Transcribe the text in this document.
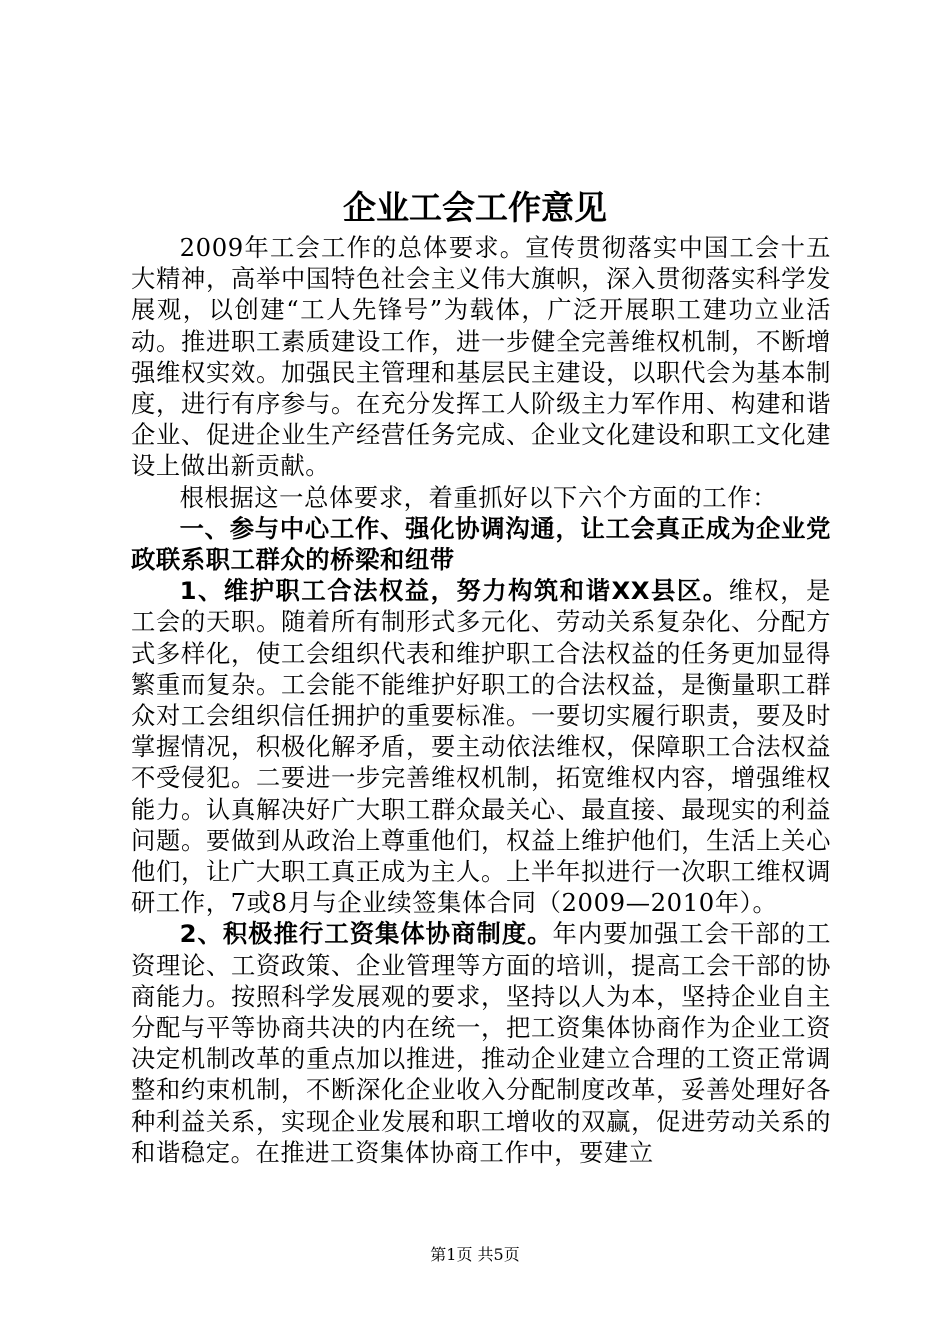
企业工会工作意见

2009年工会工作的总体要求。宣传贯彻落实中国工会十五大精神，高举中国特色社会主义伟大旗帜，深入贯彻落实科学发展观，以创建“工人先锋号”为载体，广泛开展职工建功立业活动。推进职工素质建设工作，进一步健全完善维权机制，不断增强维权实效。加强民主管理和基层民主建设，以职代会为基本制度，进行有序参与。在充分发挥工人阶级主力军作用、构建和谐企业、促进企业生产经营任务完成、企业文化建设和职工文化建设上做出新贡献。

根根据这一总体要求，着重抓好以下六个方面的工作：

一、参与中心工作、强化协调沟通，让工会真正成为企业党政联系职工群众的桥梁和纽带

1、维护职工合法权益，努力构筑和谐XX县区。维权，是工会的天职。随着所有制形式多元化、劳动关系复杂化、分配方式多样化，使工会组织代表和维护职工合法权益的任务更加显得繁重而复杂。工会能不能维护好职工的合法权益，是衡量职工群众对工会组织信任拥护的重要标准。一要切实履行职责，要及时掌握情况，积极化解矛盾，要主动依法维权，保障职工合法权益不受侵犯。二要进一步完善维权机制，拓宽维权内容，增强维权能力。认真解决好广大职工群众最关心、最直接、最现实的利益问题。要做到从政治上尊重他们，权益上维护他们，生活上关心他们，让广大职工真正成为主人。上半年拟进行一次职工维权调研工作，7或8月与企业续签集体合同（2009—2010年）。

2、积极推行工资集体协商制度。年内要加强工会干部的工资理论、工资政策、企业管理等方面的培训，提高工会干部的协商能力。按照科学发展观的要求，坚持以人为本，坚持企业自主分配与平等协商共决的内在统一，把工资集体协商作为企业工资决定机制改革的重点加以推进，推动企业建立合理的工资正常调整和约束机制，不断深化企业收入分配制度改革，妥善处理好各种利益关系，实现企业发展和职工增收的双赢，促进劳动关系的和谐稳定。在推进工资集体协商工作中，要建立

第1页 共5页
